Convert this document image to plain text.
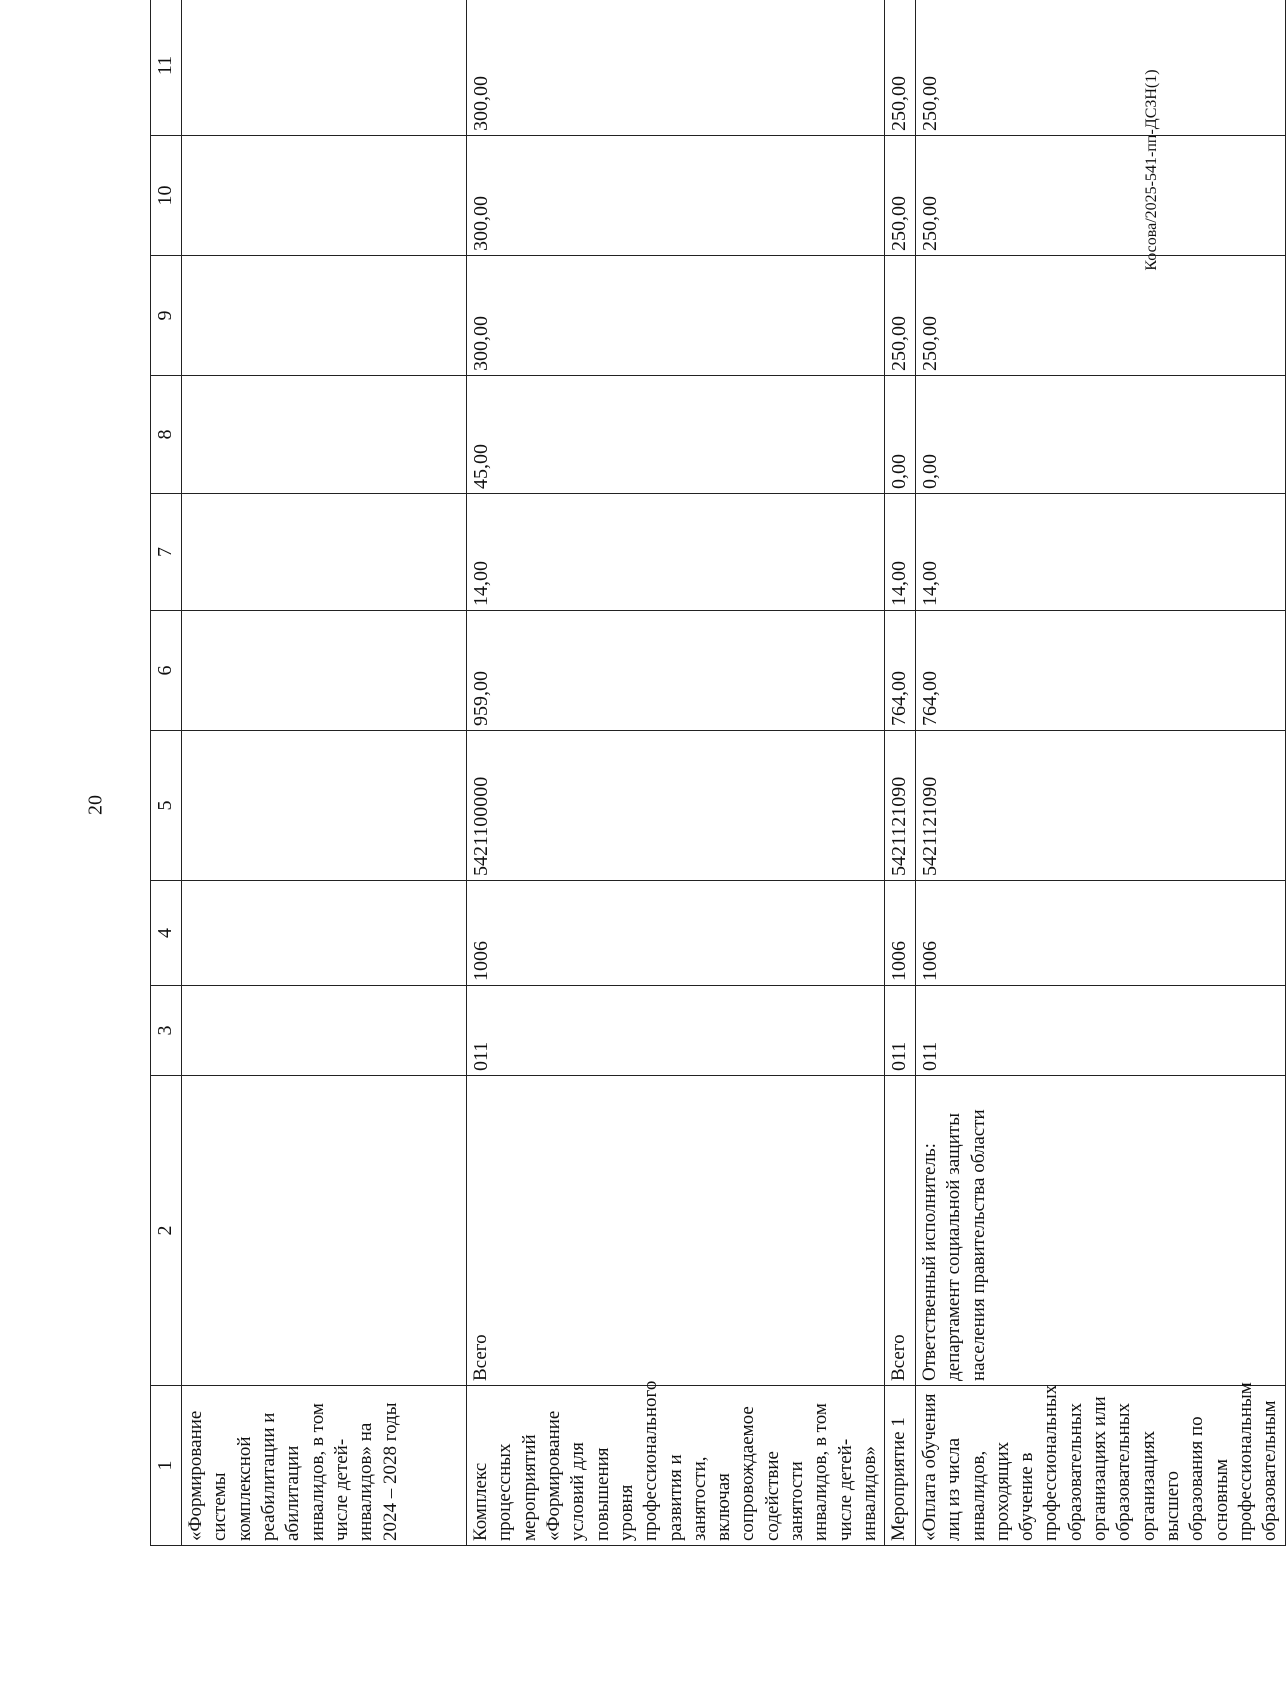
20
Косова/2025-541-пп-ДСЗН(1)
1	2	3	4	5	6	7	8	9	10	11
«Формирование системы комплексной реабилитации и абилитации инвалидов, в том числе детей-инвалидов» на 2024 – 2028 годы										
Комплекс процессных мероприятий «Формирование условий для повышения уровня профессионального развития и занятости, включая сопровождаемое содействие занятости инвалидов, в том числе детей-инвалидов»	Всего	011	1006	5421100000	959,00	14,00	45,00	300,00	300,00	300,00
Мероприятие 1	Всего	011	1006	5421121090	764,00	14,00	0,00	250,00	250,00	250,00
«Оплата обучения лиц из числа инвалидов, проходящих обучение в профессиональных образовательных организациях или образовательных организациях высшего образования по основным профессиональным образовательным	Ответственный исполнитель: департамент социальной защиты населения правительства области	011	1006	5421121090	764,00	14,00	0,00	250,00	250,00	250,00
